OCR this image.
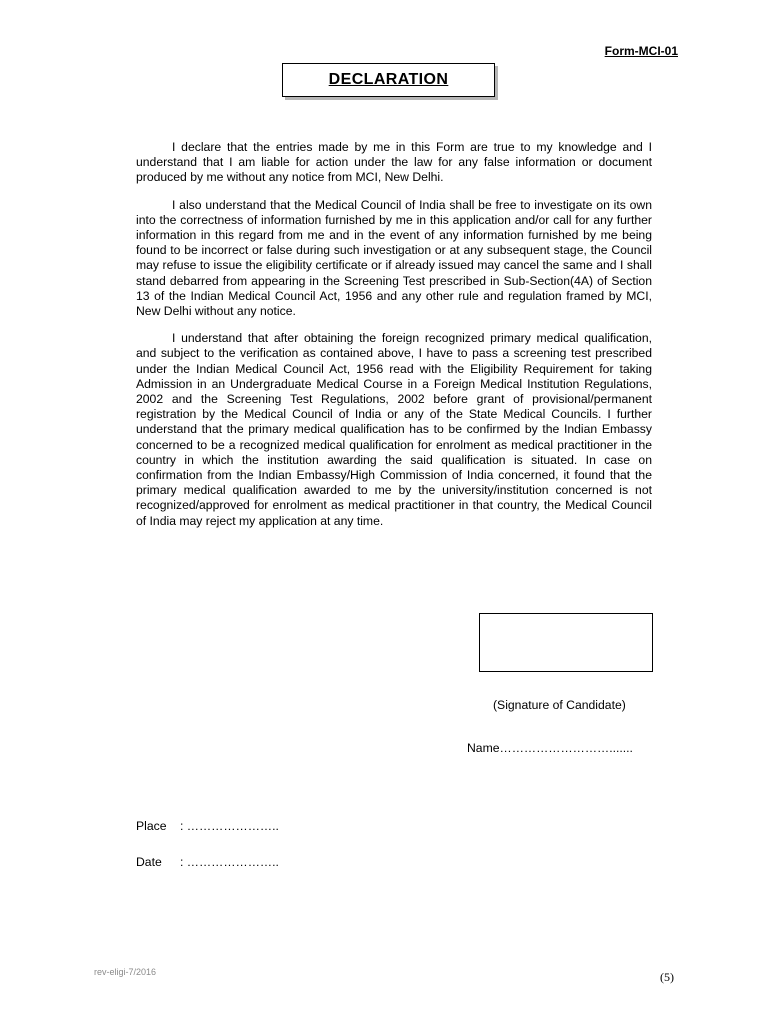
Form-MCI-01
DECLARATION

I declare that the entries made by me in this Form are true to my knowledge and I understand that I am liable for action under the law for any false information or document produced by me without any notice from MCI, New Delhi.

I also understand that the Medical Council of India shall be free to investigate on its own into the correctness of information furnished by me in this application and/or call for any further information in this regard from me and in the event of any information furnished by me being found to be incorrect or false during such investigation or at any subsequent stage, the Council may refuse to issue the eligibility certificate or if already issued may cancel the same and I shall stand debarred from appearing in the Screening Test prescribed in Sub-Section(4A) of Section 13 of the Indian Medical Council Act, 1956 and any other rule and regulation framed by MCI, New Delhi without any notice.

I understand that after obtaining the foreign recognized primary medical qualification, and subject to the verification as contained above, I have to pass a screening test prescribed under the Indian Medical Council Act, 1956 read with the Eligibility Requirement for taking Admission in an Undergraduate Medical Course in a Foreign Medical Institution Regulations, 2002 and the Screening Test Regulations, 2002 before grant of provisional/permanent registration by the Medical Council of India or any of the State Medical Councils. I further understand that the primary medical qualification has to be confirmed by the Indian Embassy concerned to be a recognized medical qualification for enrolment as medical practitioner in the country in which the institution awarding the said qualification is situated. In case on confirmation from the Indian Embassy/High Commission of India concerned, it found that the primary medical qualification awarded to me by the university/institution concerned is not recognized/approved for enrolment as medical practitioner in that country, the Medical Council of India may reject my application at any time.

(Signature of Candidate)
Name……………………….......
Place : …………………..
Date : …………………..
rev-eligi-7/2016	(5)
